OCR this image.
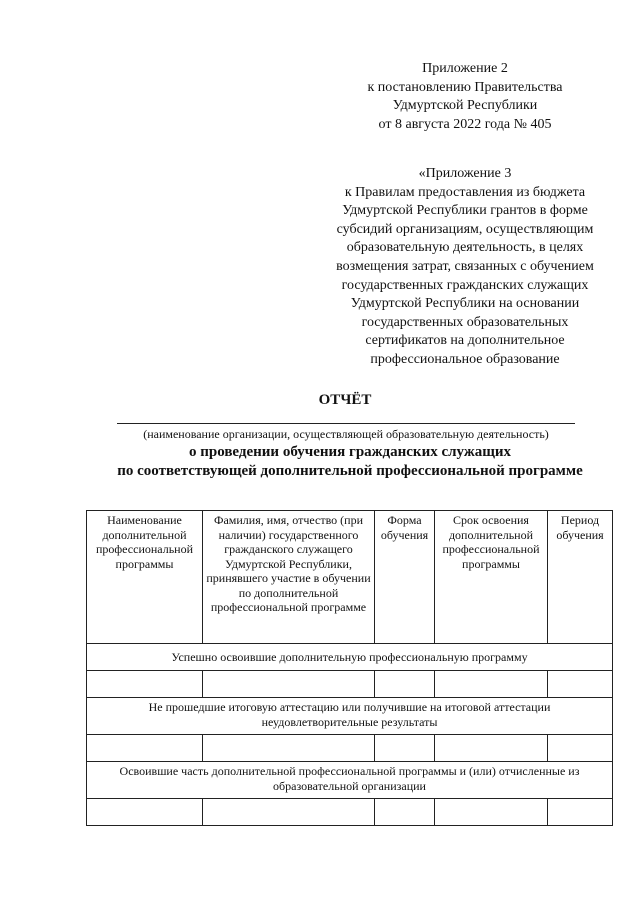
Приложение 2
к постановлению Правительства
Удмуртской Республики
от 8 августа 2022 года № 405
«Приложение 3
к Правилам предоставления из бюджета
Удмуртской Республики грантов в форме
субсидий организациям, осуществляющим
образовательную деятельность, в целях
возмещения затрат, связанных с обучением
государственных гражданских служащих
Удмуртской Республики на основании
государственных образовательных
сертификатов на дополнительное
профессиональное образование
ОТЧЁТ
(наименование организации, осуществляющей образовательную деятельность)
о проведении обучения гражданских служащих
по соответствующей дополнительной профессиональной программе
Наименование дополнительной профессиональной программы	Фамилия, имя, отчество (при наличии) государственного гражданского служащего Удмуртской Республики, принявшего участие в обучении по дополнительной профессиональной программе	Форма обучения	Срок освоения дополнительной профессиональной программы	Период обучения
Успешно освоившие дополнительную профессиональную программу				

Не прошедшие итоговую аттестацию или получившие на итоговой аттестации неудовлетворительные результаты				

Освоившие часть дополнительной профессиональной программы и (или) отчисленные из образовательной организации				
